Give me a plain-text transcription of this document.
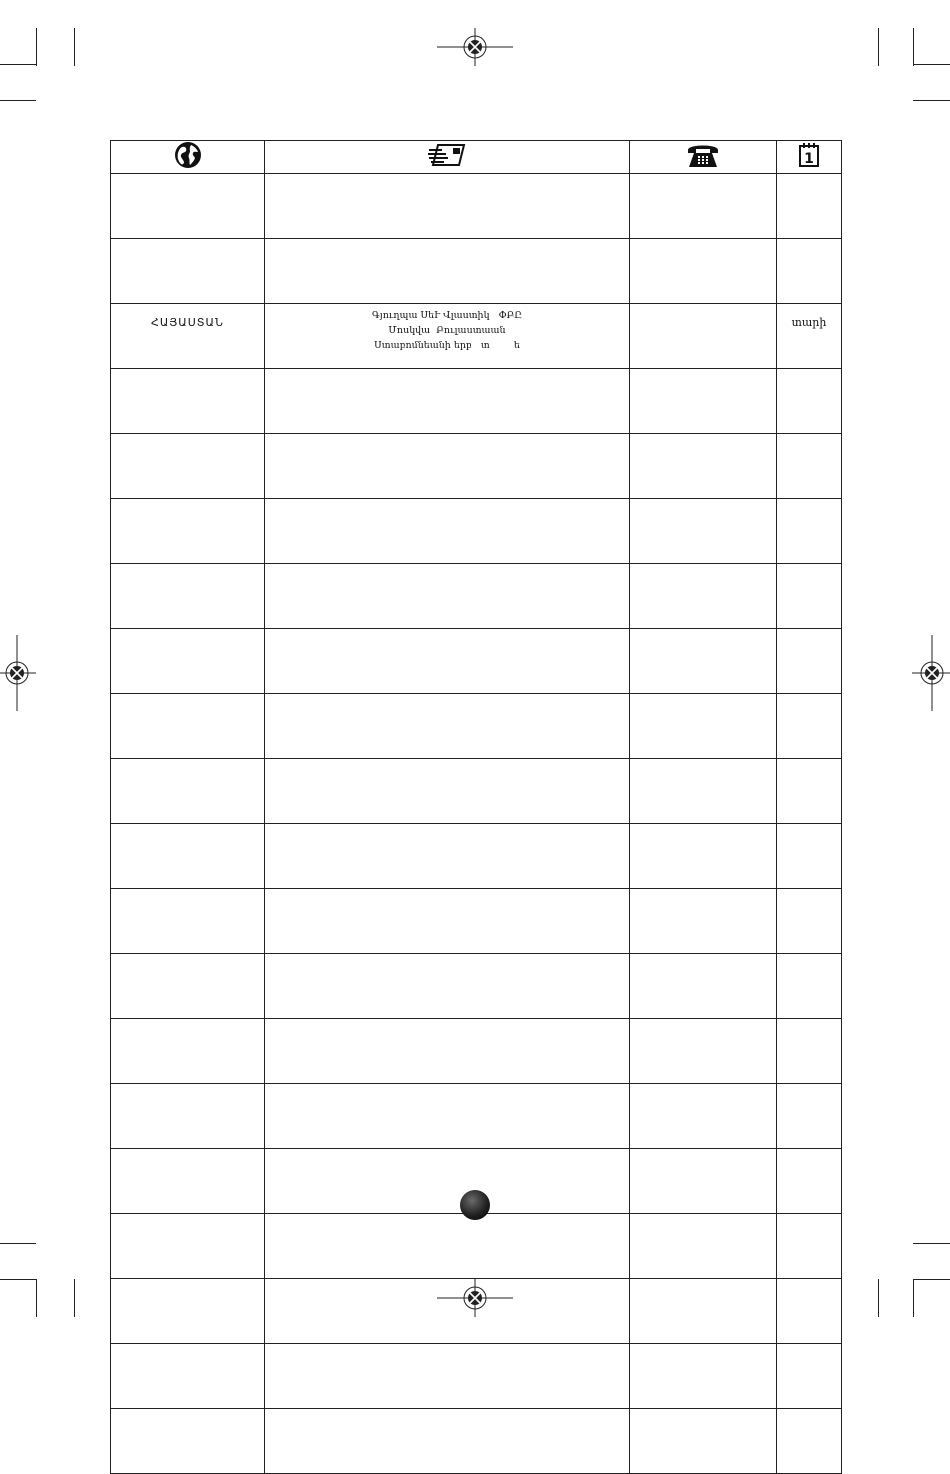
1

ՀԱՅԱՍՏԱՆ	Գյուղպա ՍեՒ Վլաստիկ   ՓԲԸ
Մոսկվա  Բուլաստաան
Ստաբոմնեանի երբ   տ        ե		տարի
